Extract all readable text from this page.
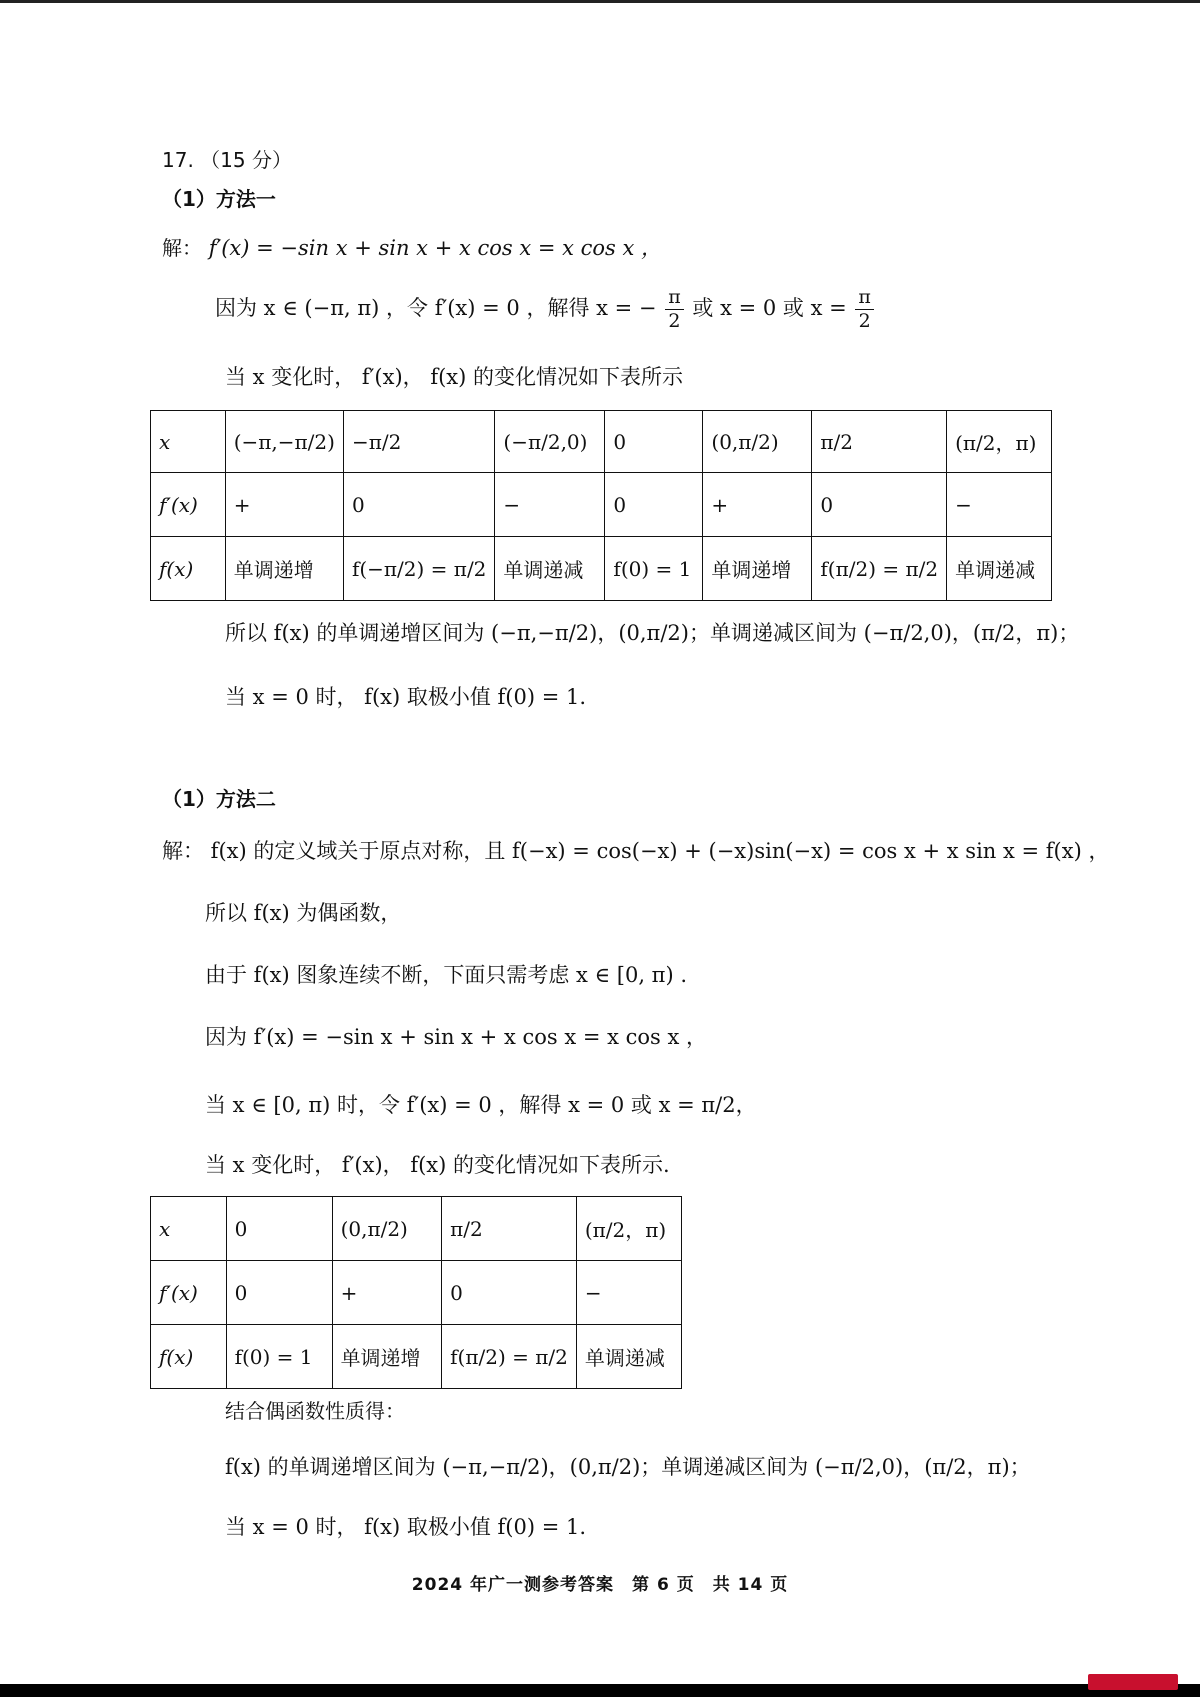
17. （15 分）
（1）方法一
解： f′(x) = −sin x + sin x + x cos x = x cos x ，
因为 x ∈ (−π, π) ，令 f′(x) = 0 ，解得 x = − $\frac{\pi}{2}$ 或 x = 0 或 $x = \frac{\pi}{2}$
当 x 变化时， f′(x)， f(x) 的变化情况如下表所示
x	(−π,−π/2)	−π/2	(−π/2,0)	0	(0,π/2)	π/2	(π/2，π)
f′(x)	+	0	−	0	+	0	−
f(x)	单调递增	f(−π/2) = π/2	单调递减	f(0) = 1	单调递增	f(π/2) = π/2	单调递减
所以 f(x) 的单调递增区间为 (−π,−π/2)，(0,π/2)；单调递减区间为 (−π/2,0)，(π/2，π)；
当 x = 0 时， f(x) 取极小值 f(0) = 1.
（1）方法二
解： f(x) 的定义域关于原点对称，且 f(−x) = cos(−x) + (−x)sin(−x) = cos x + x sin x = f(x) ，
所以 f(x) 为偶函数，
由于 f(x) 图象连续不断，下面只需考虑 x ∈ [0, π) .
因为 f′(x) = −sin x + sin x + x cos x = x cos x ，
当 x ∈ [0, π) 时，令 f′(x) = 0 ，解得 x = 0 或 x = π/2，
当 x 变化时， f′(x)， f(x) 的变化情况如下表所示.
x	0	(0,π/2)	π/2	(π/2，π)
f′(x)	0	+	0	−
f(x)	f(0) = 1	单调递增	f(π/2) = π/2	单调递减
结合偶函数性质得：
f(x) 的单调递增区间为 (−π,−π/2)，(0,π/2)；单调递减区间为 (−π/2,0)，(π/2，π)；
当 x = 0 时， f(x) 取极小值 f(0) = 1.
2024 年广一测参考答案　第 6 页　共 14 页
